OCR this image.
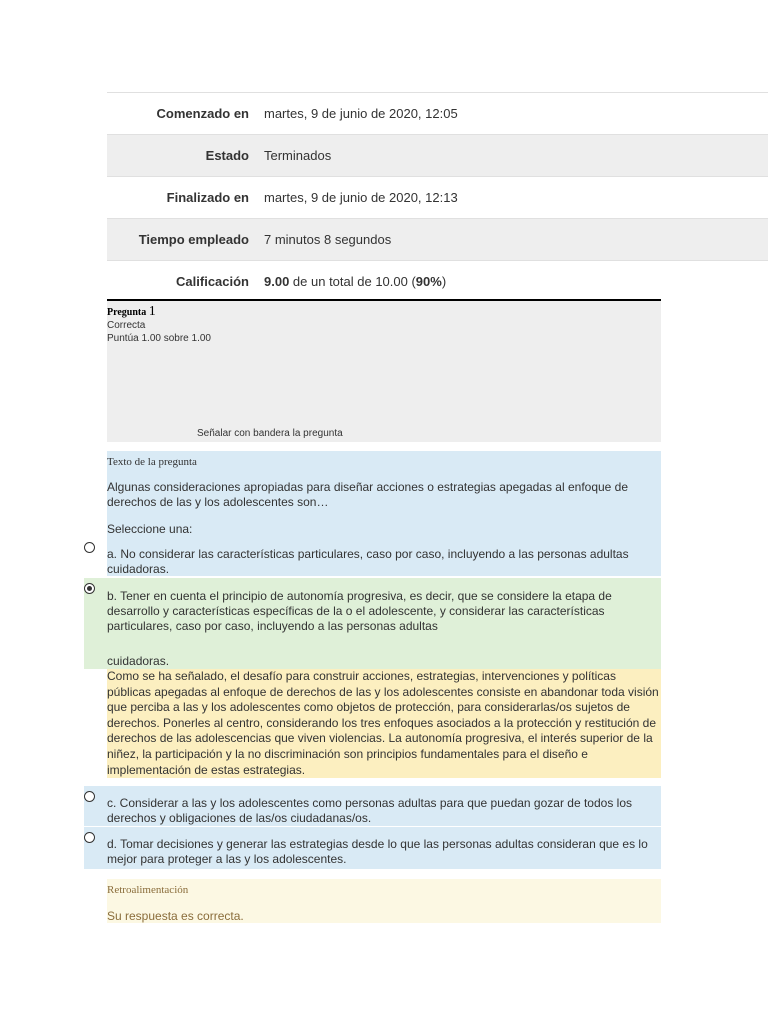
Comenzado en martes, 9 de junio de 2020, 12:05
Estado Terminados
Finalizado en martes, 9 de junio de 2020, 12:13
Tiempo empleado 7 minutos 8 segundos
Calificación 9.00 de un total de 10.00 (90%)
Pregunta 1
Correcta
Puntúa 1.00 sobre 1.00
Señalar con bandera la pregunta
Texto de la pregunta
Algunas consideraciones apropiadas para diseñar acciones o estrategias apegadas al enfoque de derechos de las y los adolescentes son…
Seleccione una:
a. No considerar las características particulares, caso por caso, incluyendo a las personas adultas cuidadoras.
b. Tener en cuenta el principio de autonomía progresiva, es decir, que se considere la etapa de desarrollo y características específicas de la o el adolescente, y considerar las características particulares, caso por caso, incluyendo a las personas adultas
cuidadoras.
Como se ha señalado, el desafío para construir acciones, estrategias, intervenciones y políticas públicas apegadas al enfoque de derechos de las y los adolescentes consiste en abandonar toda visión que perciba a las y los adolescentes como objetos de protección, para considerarlas/os sujetos de derechos. Ponerles al centro, considerando los tres enfoques asociados a la protección y restitución de derechos de las adolescencias que viven violencias. La autonomía progresiva, el interés superior de la niñez, la participación y la no discriminación son principios fundamentales para el diseño e implementación de estas estrategias.
c. Considerar a las y los adolescentes como personas adultas para que puedan gozar de todos los derechos y obligaciones de las/os ciudadanas/os.
d. Tomar decisiones y generar las estrategias desde lo que las personas adultas consideran que es lo mejor para proteger a las y los adolescentes.
Retroalimentación
Su respuesta es correcta.
